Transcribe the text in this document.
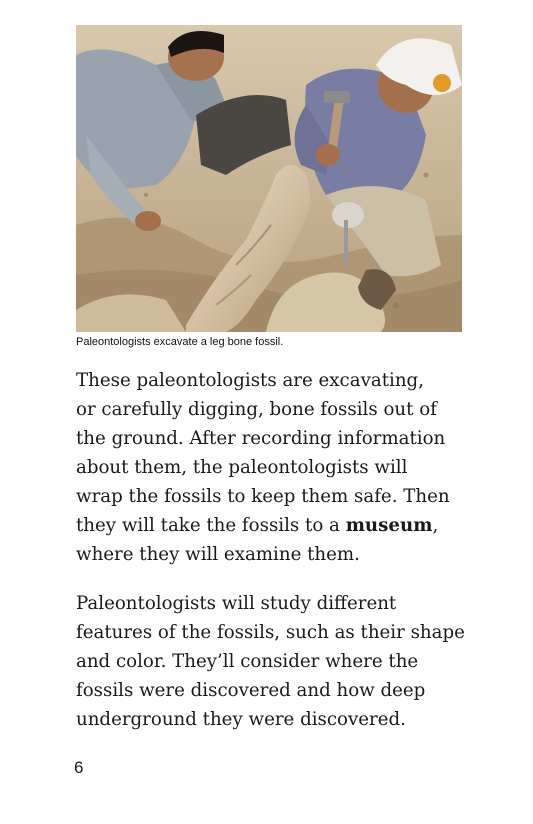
Paleontologists excavate a leg bone fossil.

These paleontologists are excavating,
or carefully digging, bone fossils out of
the ground. After recording information
about them, the paleontologists will
wrap the fossils to keep them safe. Then
they will take the fossils to a museum,
where they will examine them.

Paleontologists will study different
features of the fossils, such as their shape
and color. They’ll consider where the
fossils were discovered and how deep
underground they were discovered.

6
